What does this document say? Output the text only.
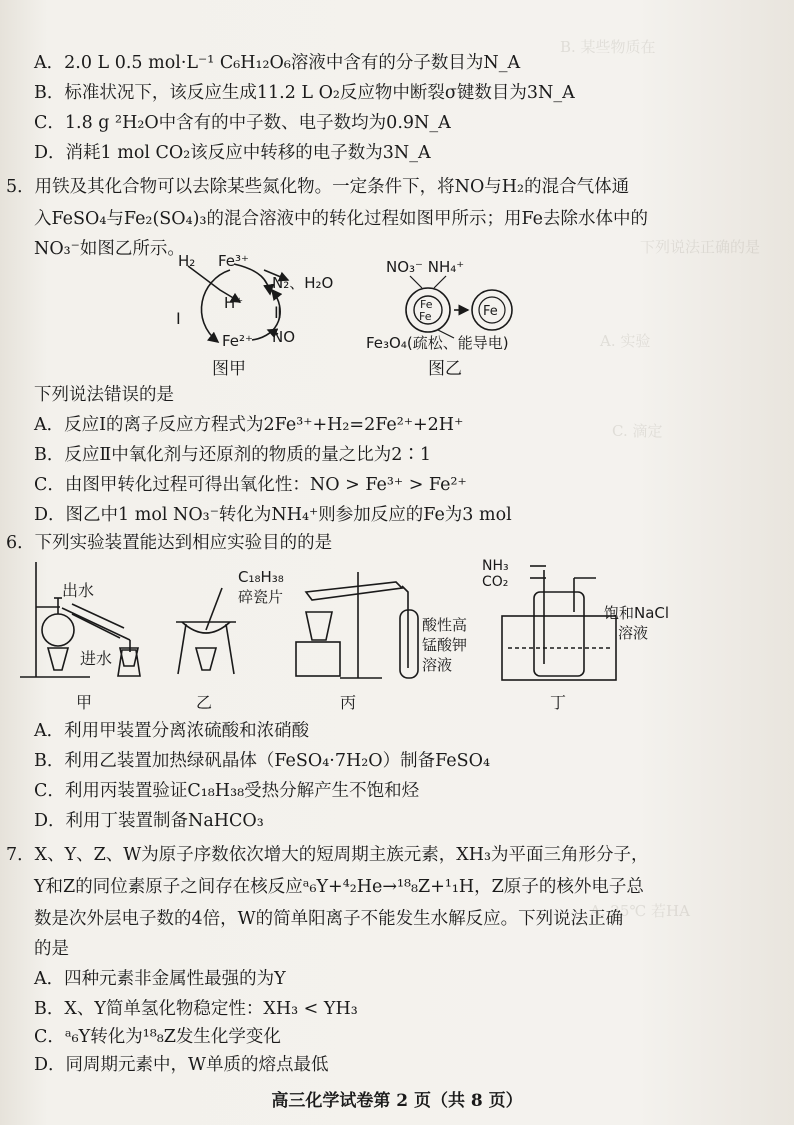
B. 某些物质在
下列说法正确的是
A. 实验
C. 滴定
A. 25℃ 若HA
A．2.0 L 0.5 mol·L⁻¹ C₆H₁₂O₆溶液中含有的分子数目为N_A
B．标准状况下，该反应生成11.2 L O₂反应物中断裂σ键数目为3N_A
C．1.8 g ²H₂O中含有的中子数、电子数均为0.9N_A
D．消耗1 mol CO₂该反应中转移的电子数为3N_A
5．用铁及其化合物可以去除某些氮化物。一定条件下，将NO与H₂的混合气体通
入FeSO₄与Fe₂(SO₄)₃的混合溶液中的转化过程如图甲所示；用Fe去除水体中的
NO₃⁻如图乙所示。
H₂ Fe³⁺
N₂、H₂O
H⁺
Ⅰ	Ⅱ
Fe²⁺ NO
图甲
NO₃⁻ NH₄⁺
Fe
Fe	Fe
Fe₃O₄(疏松、能导电)
图乙
下列说法错误的是
A．反应Ⅰ的离子反应方程式为2Fe³⁺+H₂=2Fe²⁺+2H⁺
B．反应Ⅱ中氧化剂与还原剂的物质的量之比为2∶1
C．由图甲转化过程可得出氧化性：NO > Fe³⁺ > Fe²⁺
D．图乙中1 mol NO₃⁻转化为NH₄⁺则参加反应的Fe为3 mol
6．下列实验装置能达到相应实验目的的是
出水
进水
C₁₈H₃₈
碎瓷片
酸性高
锰酸钾
溶液
NH₃
CO₂
饱和NaCl
溶液
甲	乙	丙	丁
A．利用甲装置分离浓硫酸和浓硝酸
B．利用乙装置加热绿矾晶体（FeSO₄·7H₂O）制备FeSO₄
C．利用丙装置验证C₁₈H₃₈受热分解产生不饱和烃
D．利用丁装置制备NaHCO₃
7．X、Y、Z、W为原子序数依次增大的短周期主族元素，XH₃为平面三角形分子，
Y和Z的同位素原子之间存在核反应ᵃ₆Y+⁴₂He→¹⁸₈Z+¹₁H，Z原子的核外电子总
数是次外层电子数的4倍，W的简单阳离子不能发生水解反应。下列说法正确
的是
A．四种元素非金属性最强的为Y
B．X、Y简单氢化物稳定性：XH₃ < YH₃
C．ᵃ₆Y转化为¹⁸₈Z发生化学变化
D．同周期元素中，W单质的熔点最低
高三化学试卷第 2 页（共 8 页）
